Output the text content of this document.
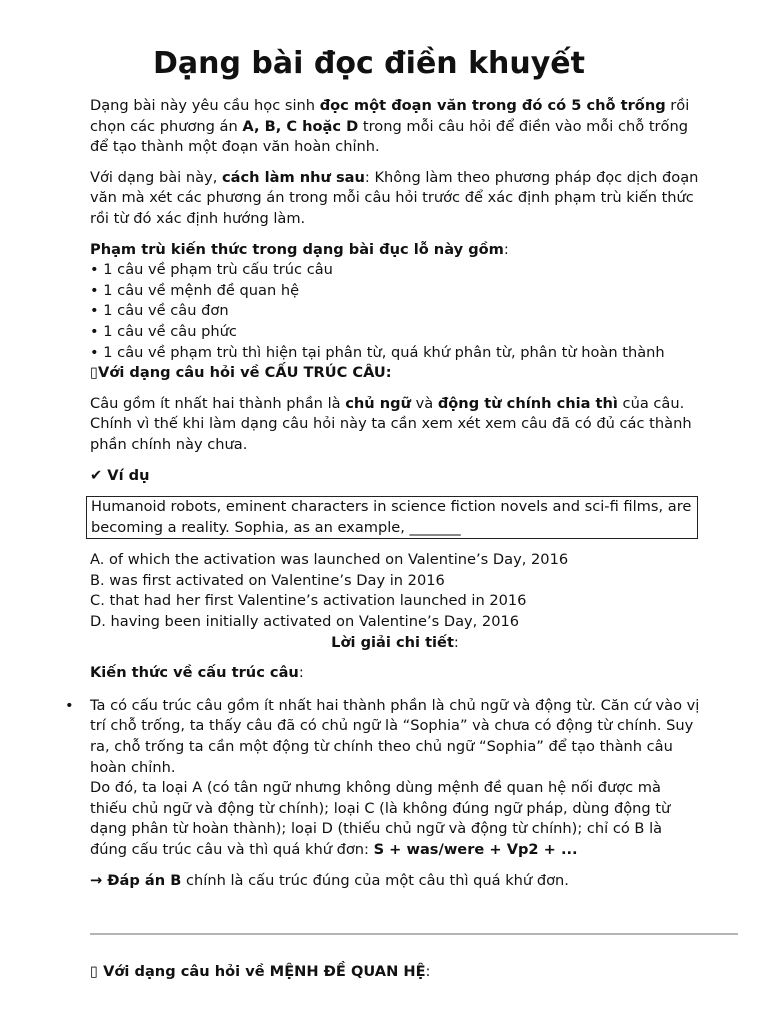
Dạng bài đọc điền khuyết

Dạng bài này yêu cầu học sinh đọc một đoạn văn trong đó có 5 chỗ trống rồi chọn các phương án A, B, C hoặc D trong mỗi câu hỏi để điền vào mỗi chỗ trống để tạo thành một đoạn văn hoàn chỉnh.

Với dạng bài này, cách làm như sau: Không làm theo phương pháp đọc dịch đoạn văn mà xét các phương án trong mỗi câu hỏi trước để xác định phạm trù kiến thức rồi từ đó xác định hướng làm.

Phạm trù kiến thức trong dạng bài đục lỗ này gồm:

• 1 câu về phạm trù cấu trúc câu

• 1 câu về mệnh đề quan hệ

• 1 câu về câu đơn

• 1 câu về câu phức

• 1 câu về phạm trù thì hiện tại phân từ, quá khứ phân từ, phân từ hoàn thành

▯Với dạng câu hỏi về CẤU TRÚC CÂU:

Câu gồm ít nhất hai thành phần là chủ ngữ và động từ chính chia thì của câu. Chính vì thế khi làm dạng câu hỏi này ta cần xem xét xem câu đã có đủ các thành phần chính này chưa.

✔ Ví dụ

Humanoid robots, eminent characters in science fiction novels and sci-fi films, are becoming a reality. Sophia, as an example, _______

A. of which the activation was launched on Valentine’s Day, 2016

B. was first activated on Valentine’s Day in 2016

C. that had her first Valentine’s activation launched in 2016

D. having been initially activated on Valentine’s Day, 2016

Lời giải chi tiết:

Kiến thức về cấu trúc câu:

• Ta có cấu trúc câu gồm ít nhất hai thành phần là chủ ngữ và động từ. Căn cứ vào vị trí chỗ trống, ta thấy câu đã có chủ ngữ là “Sophia” và chưa có động từ chính. Suy ra, chỗ trống ta cần một động từ chính theo chủ ngữ “Sophia” để tạo thành câu hoàn chỉnh.

Do đó, ta loại A (có tân ngữ nhưng không dùng mệnh đề quan hệ nối được mà thiếu chủ ngữ và động từ chính); loại C (là không đúng ngữ pháp, dùng động từ dạng phân từ hoàn thành); loại D (thiếu chủ ngữ và động từ chính); chỉ có B là đúng cấu trúc câu và thì quá khứ đơn: S + was/were + Vp2 + ...

→ Đáp án B chính là cấu trúc đúng của một câu thì quá khứ đơn.

▯ Với dạng câu hỏi về MỆNH ĐỀ QUAN HỆ:
